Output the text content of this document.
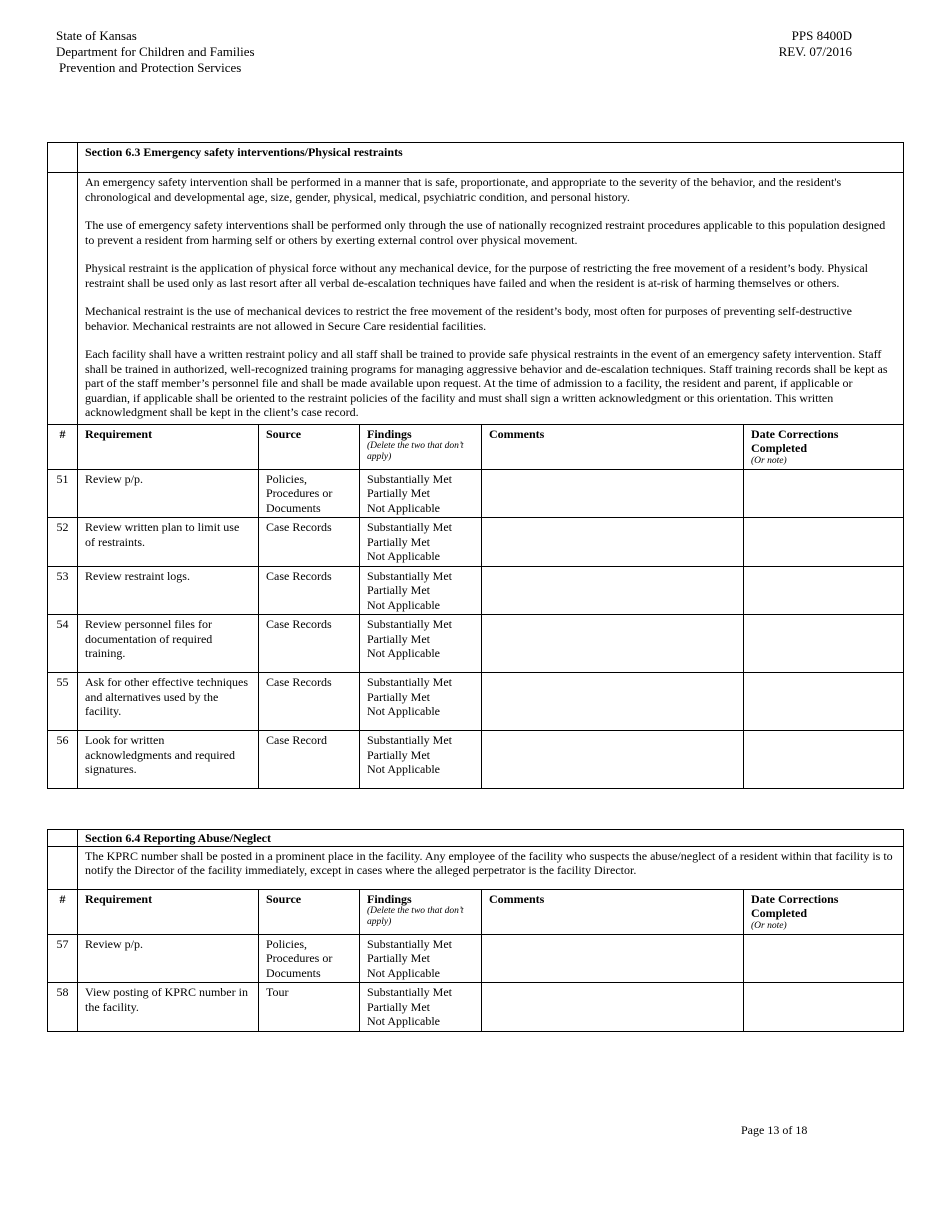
State of Kansas
Department for Children and Families
Prevention and Protection Services
PPS 8400D
REV. 07/2016
	Section 6.3 Emergency safety interventions/Physical restraints				

	An emergency safety intervention shall be performed in a manner that is safe, proportionate, and appropriate to the severity of the behavior, and the resident's chronological and developmental age, size, gender, physical, medical, psychiatric condition, and personal history.

The use of emergency safety interventions shall be performed only through the use of nationally recognized restraint procedures applicable to this population designed to prevent a resident from harming self or others by exerting external control over physical movement.

Physical restraint is the application of physical force without any mechanical device, for the purpose of restricting the free movement of a resident’s body. Physical restraint shall be used only as last resort after all verbal de-escalation techniques have failed and when the resident is at-risk of harming themselves or others.

Mechanical restraint is the use of mechanical devices to restrict the free movement of the resident’s body, most often for purposes of preventing self-destructive behavior. Mechanical restraints are not allowed in Secure Care residential facilities.

Each facility shall have a written restraint policy and all staff shall be trained to provide safe physical restraints in the event of an emergency safety intervention. Staff shall be trained in authorized, well-recognized training programs for managing aggressive behavior and de-escalation techniques. Staff training records shall be kept as part of the staff member’s personnel file and shall be made available upon request. At the time of admission to a facility, the resident and parent, if applicable or guardian, if applicable shall be oriented to the restraint policies of the facility and must shall sign a written acknowledgment or this orientation. This written acknowledgment shall be kept in the client’s case record.				

#	Requirement	Source	Findings
(Delete the two that don’t apply)	Comments	Date Corrections Completed
(Or note)

51	Review p/p.	Policies, Procedures or Documents	Substantially Met
Partially Met
Not Applicable		

52	Review written plan to limit use of restraints.	Case Records	Substantially Met
Partially Met
Not Applicable		

53	Review restraint logs.	Case Records	Substantially Met
Partially Met
Not Applicable		

54	Review personnel files for documentation of required training.	Case Records	Substantially Met
Partially Met
Not Applicable		

55	Ask for other effective techniques and alternatives used by the facility.	Case Records	Substantially Met
Partially Met
Not Applicable		

56	Look for written acknowledgments and required signatures.	Case Record	Substantially Met
Partially Met
Not Applicable		

	Section 6.4 Reporting Abuse/Neglect				
	The KPRC number shall be posted in a prominent place in the facility. Any employee of the facility who suspects the abuse/neglect of a resident within that facility is to notify the Director of the facility immediately, except in cases where the alleged perpetrator is the facility Director.				
#	Requirement	Source	Findings
(Delete the two that don’t apply)	Comments	Date Corrections Completed
(Or note)

57	Review p/p.	Policies, Procedures or Documents	Substantially Met
Partially Met
Not Applicable		

58	View posting of KPRC number in the facility.	Tour	Substantially Met
Partially Met
Not Applicable		

Page 13 of 18
